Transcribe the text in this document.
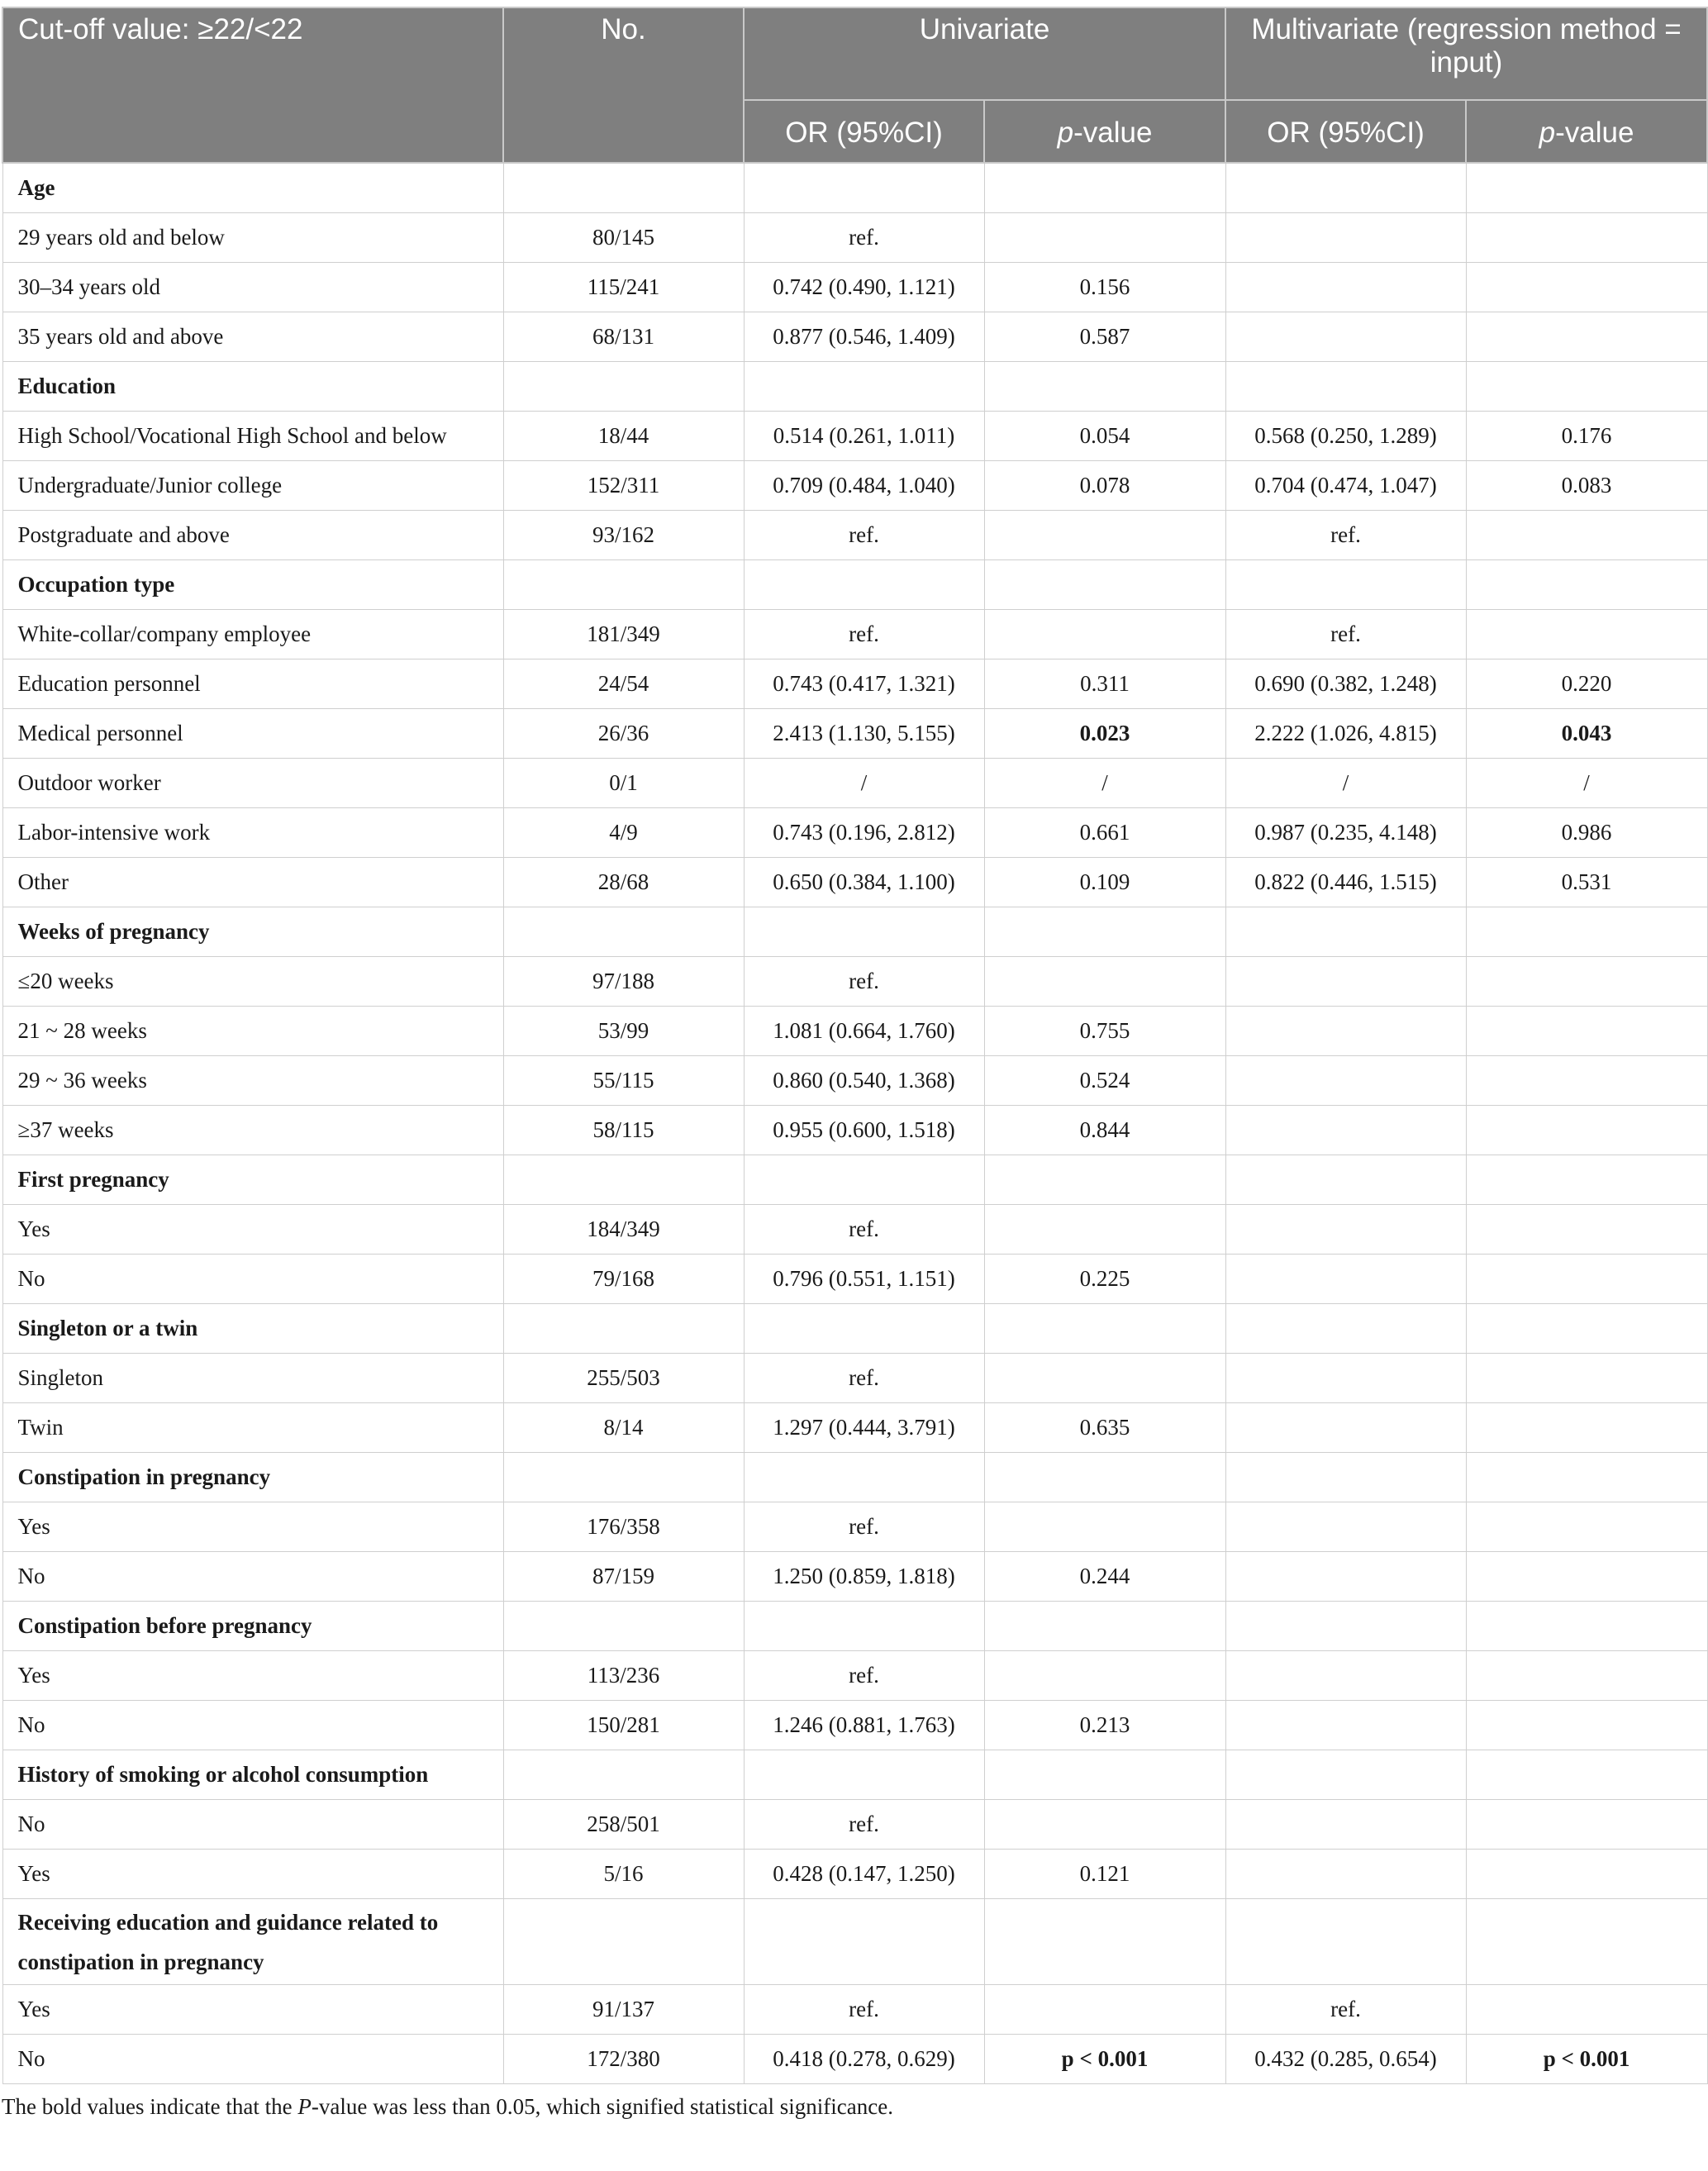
Cut-off value: ≥22/<22	No.	Univariate		Multivariate (regression method = input)	
		OR (95%CI)	p-value	OR (95%CI)	p-value
Age					
29 years old and below	80/145	ref.			
30–34 years old	115/241	0.742 (0.490, 1.121)	0.156		
35 years old and above	68/131	0.877 (0.546, 1.409)	0.587		
Education					
High School/Vocational High School and below	18/44	0.514 (0.261, 1.011)	0.054	0.568 (0.250, 1.289)	0.176
Undergraduate/Junior college	152/311	0.709 (0.484, 1.040)	0.078	0.704 (0.474, 1.047)	0.083
Postgraduate and above	93/162	ref.		ref.	
Occupation type					
White-collar/company employee	181/349	ref.		ref.	
Education personnel	24/54	0.743 (0.417, 1.321)	0.311	0.690 (0.382, 1.248)	0.220
Medical personnel	26/36	2.413 (1.130, 5.155)	0.023	2.222 (1.026, 4.815)	0.043
Outdoor worker	0/1	/	/	/	/
Labor-intensive work	4/9	0.743 (0.196, 2.812)	0.661	0.987 (0.235, 4.148)	0.986
Other	28/68	0.650 (0.384, 1.100)	0.109	0.822 (0.446, 1.515)	0.531
Weeks of pregnancy					
≤20 weeks	97/188	ref.			
21 ~ 28 weeks	53/99	1.081 (0.664, 1.760)	0.755		
29 ~ 36 weeks	55/115	0.860 (0.540, 1.368)	0.524		
≥37 weeks	58/115	0.955 (0.600, 1.518)	0.844		
First pregnancy					
Yes	184/349	ref.			
No	79/168	0.796 (0.551, 1.151)	0.225		
Singleton or a twin					
Singleton	255/503	ref.			
Twin	8/14	1.297 (0.444, 3.791)	0.635		
Constipation in pregnancy					
Yes	176/358	ref.			
No	87/159	1.250 (0.859, 1.818)	0.244		
Constipation before pregnancy					
Yes	113/236	ref.			
No	150/281	1.246 (0.881, 1.763)	0.213		
History of smoking or alcohol consumption					
No	258/501	ref.			
Yes	5/16	0.428 (0.147, 1.250)	0.121		
Receiving education and guidance related to constipation in pregnancy					
Yes	91/137	ref.		ref.	
No	172/380	0.418 (0.278, 0.629)	p < 0.001	0.432 (0.285, 0.654)	p < 0.001
The bold values indicate that the P-value was less than 0.05, which signified statistical significance.
